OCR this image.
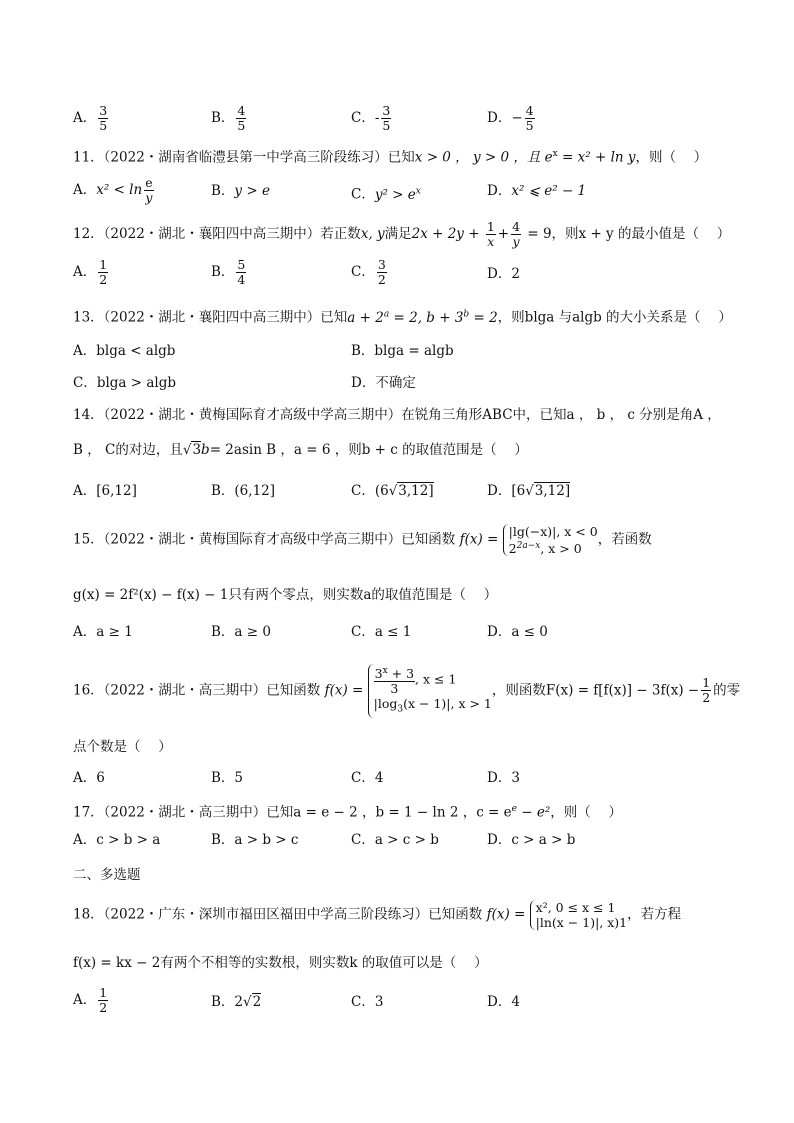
A． $\frac{3}{5}$	B． $\frac{4}{5}$	C．- $\frac{3}{5}$	D．− $\frac{4}{5}$
11．（2022・湖南省临澧县第一中学高三阶段练习）已知x > 0 ， y > 0 ，且 $e^x = x^2 + \ln y$，则（　 ）
A．$x^2 < \ln \frac{e}{y}$	B．y > e	C．$y^2 > e^x$	D．x² ⩽ e² − 1
12．（2022・湖北・襄阳四中高三期中）若正数x, y满足$2x + 2y + \frac{1}{x} + \frac{4}{y} = 9$，则x + y 的最小值是（　 ）
A． $\frac{1}{2}$	B． $\frac{5}{4}$	C． $\frac{3}{2}$	D．2
13．（2022・湖北・襄阳四中高三期中）已知$a + 2^a = 2$, $b + 3^b = 2$，则blga 与algb 的大小关系是（　 ）
A．blga < algb	B．blga = algb
C．blga > algb	D．不确定
14．（2022・湖北・黄梅国际育才高级中学高三期中）在锐角三角形ABC中，已知a ， b ， c 分别是角A ，
B ， C的对边，且√3b= 2asin B ，a = 6 ，则b + c 的取值范围是（　 ）
A．[6,12]	B．(6,12]	C．(6√3,12]	D．[6√3,12]
15．（2022・湖北・黄梅国际育才高级中学高三期中）已知函数 f(x) =
|lg(−x)|, x < 0
$2^{2a-x}$, x > 0
，若函数
g(x) = 2f²(x) − f(x) − 1只有两个零点，则实数a的取值范围是（　 ）
A．a ≥ 1	B．a ≥ 0	C．a ≤ 1	D．a ≤ 0
16．（2022・湖北・高三期中）已知函数 $f(x) = \frac{3^x + 3}{3}$ , x ≤ 1
$|\log_3(x - 1)|$, x > 1
，则函数$F(x) = f[f(x)] - 3f(x) - \frac{1}{2}$ 的零
点个数是（　 ）
A．6	B．5	C．4	D．3
17．（2022・湖北・高三期中）已知a = e − 2 ，b = 1 − ln 2 ，$c = e^e - e^2$，则（　 ）
A．c > b > a	B．a > b > c	C．a > c > b	D．c > a > b
二、多选题
18．（2022・广东・深圳市福田区福田中学高三阶段练习）已知函数 f(x) = x², 0 ≤ x ≤ 1
|ln(x − 1)|, x)1 ，若方程
f(x) = kx − 2有两个不相等的实数根，则实数k 的取值可以是（　 ）
A． $\frac{1}{2}$	B．2√2	C．3	D．4
